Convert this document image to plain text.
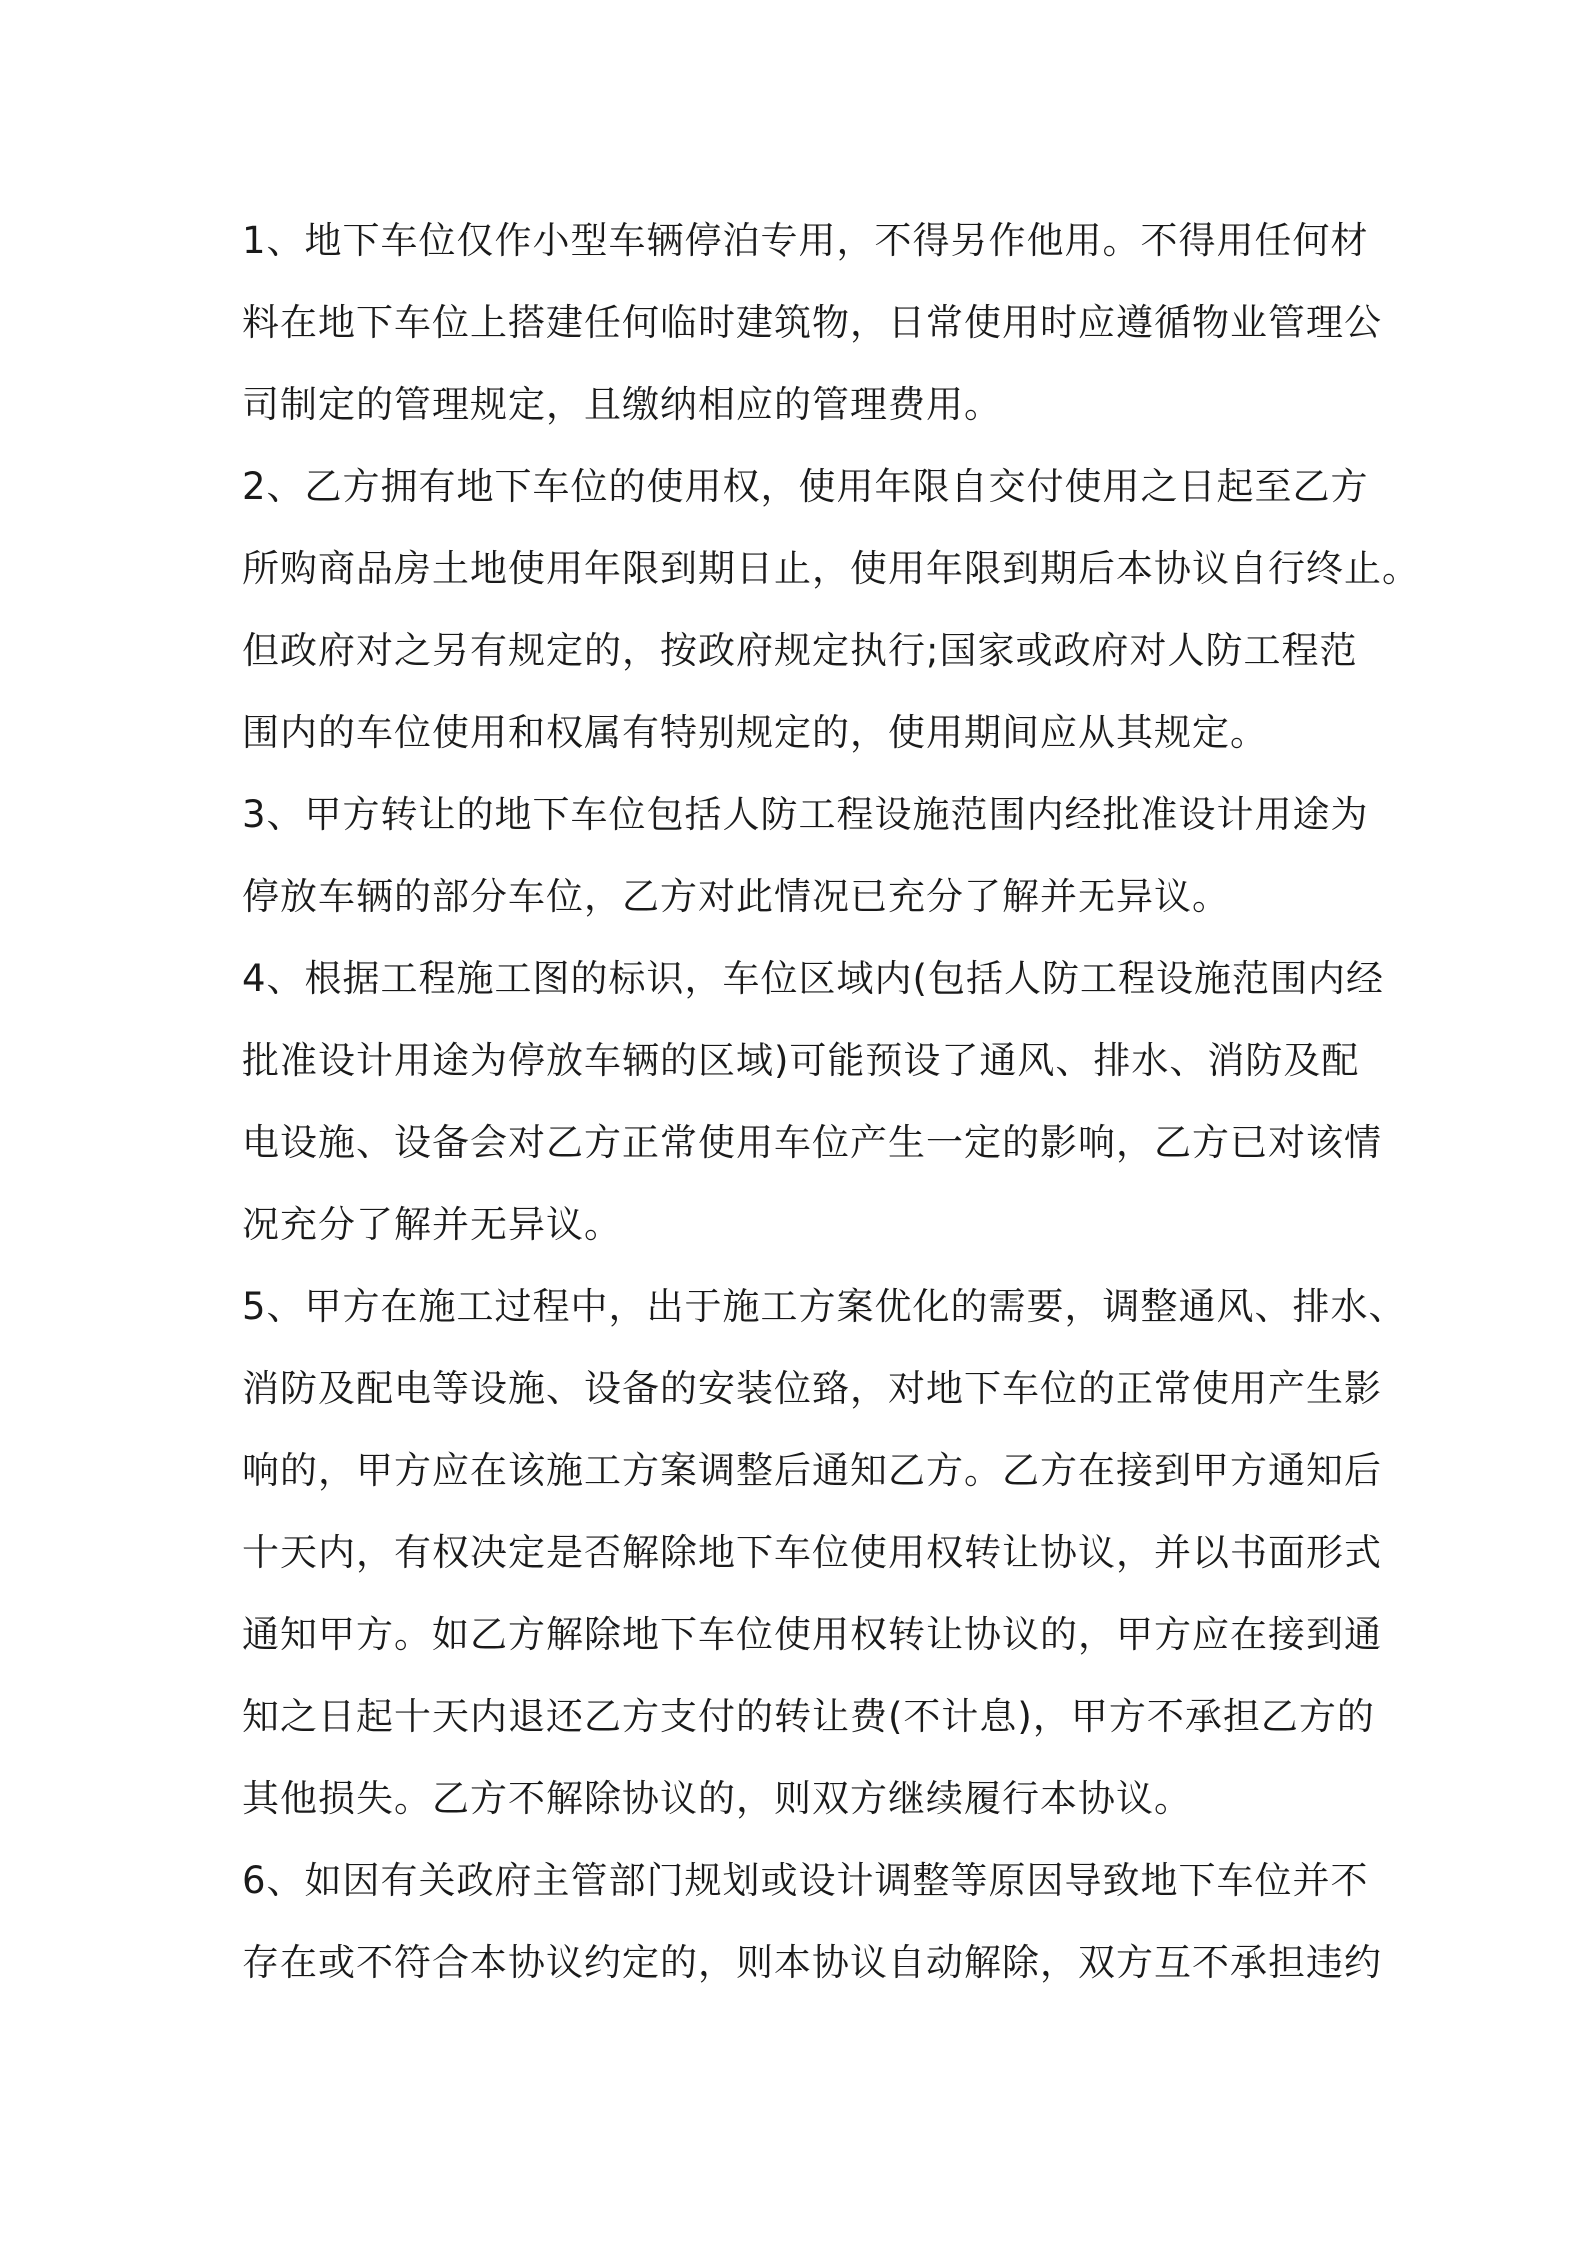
1、地下车位仅作小型车辆停泊专用，不得另作他用。不得用任何材
料在地下车位上搭建任何临时建筑物，日常使用时应遵循物业管理公
司制定的管理规定，且缴纳相应的管理费用。
2、乙方拥有地下车位的使用权，使用年限自交付使用之日起至乙方
所购商品房土地使用年限到期日止，使用年限到期后本协议自行终止。
但政府对之另有规定的，按政府规定执行;国家或政府对人防工程范
围内的车位使用和权属有特别规定的，使用期间应从其规定。
3、甲方转让的地下车位包括人防工程设施范围内经批准设计用途为
停放车辆的部分车位，乙方对此情况已充分了解并无异议。
4、根据工程施工图的标识，车位区域内(包括人防工程设施范围内经
批准设计用途为停放车辆的区域)可能预设了通风、排水、消防及配
电设施、设备会对乙方正常使用车位产生一定的影响，乙方已对该情
况充分了解并无异议。
5、甲方在施工过程中，出于施工方案优化的需要，调整通风、排水、
消防及配电等设施、设备的安装位臵，对地下车位的正常使用产生影
响的，甲方应在该施工方案调整后通知乙方。乙方在接到甲方通知后
十天内，有权决定是否解除地下车位使用权转让协议，并以书面形式
通知甲方。如乙方解除地下车位使用权转让协议的，甲方应在接到通
知之日起十天内退还乙方支付的转让费(不计息)，甲方不承担乙方的
其他损失。乙方不解除协议的，则双方继续履行本协议。
6、如因有关政府主管部门规划或设计调整等原因导致地下车位并不
存在或不符合本协议约定的，则本协议自动解除，双方互不承担违约
